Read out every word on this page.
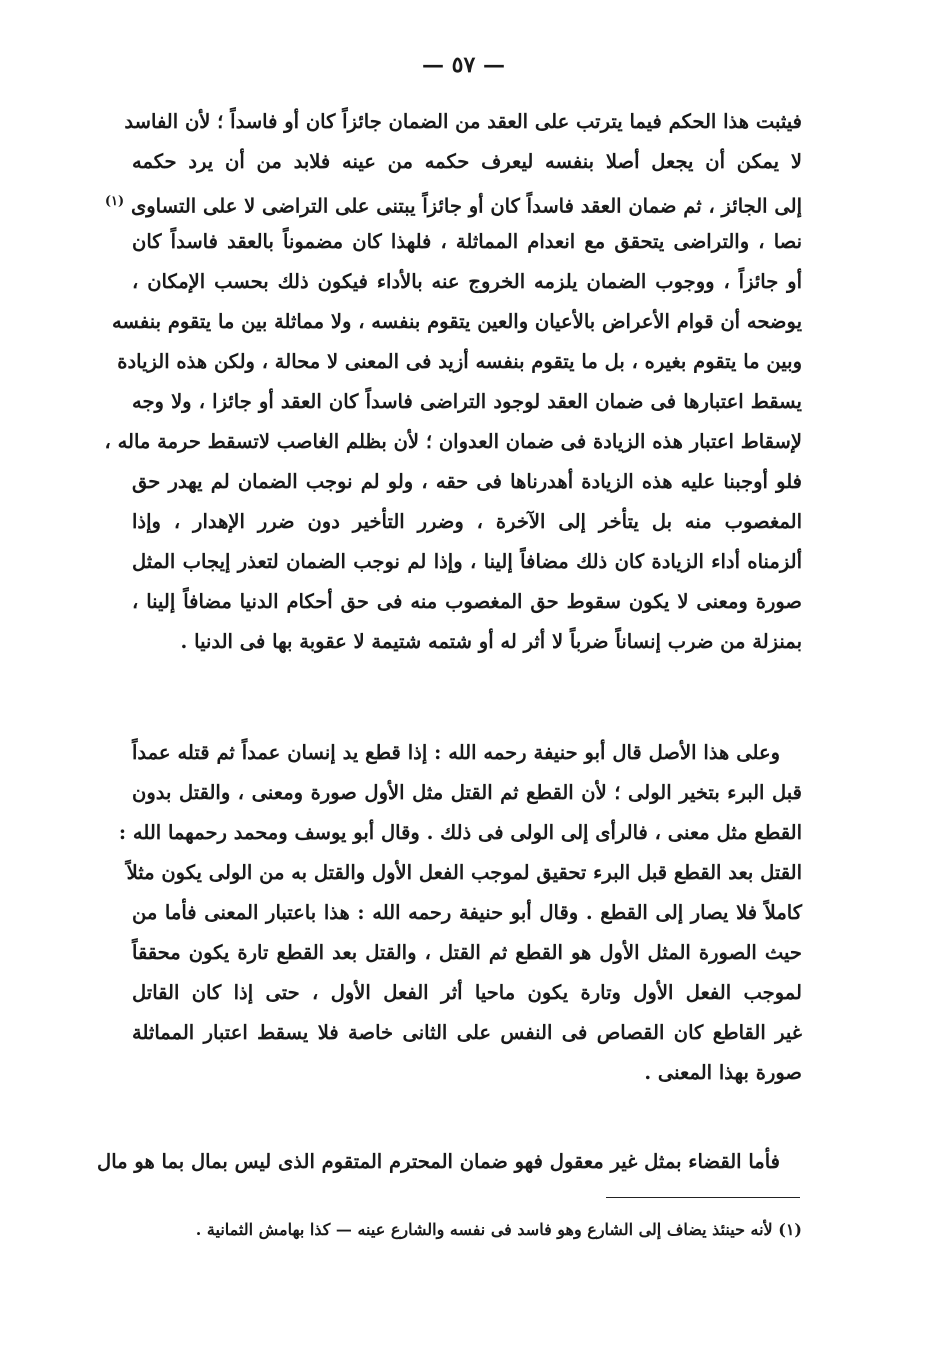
— ٥٧ —
فيثبت هذا الحكم فيما يترتب على العقد من الضمان جائزاً كان أو فاسداً ؛ لأن الفاسد
لا يمكن أن يجعل أصلا بنفسه ليعرف حكمه من عينه فلابد من أن يرد حكمه
إلى الجائز ، ثم ضمان العقد فاسداً كان أو جائزاً يبتنى على التراضى لا على التساوى $^{(١)}$
نصا ، والتراضى يتحقق مع انعدام المماثلة ، فلهذا كان مضموناً بالعقد فاسداً كان
أو جائزاً ، ووجوب الضمان يلزمه الخروج عنه بالأداء فيكون ذلك بحسب الإمكان ،
يوضحه أن قوام الأعراض بالأعيان والعين يتقوم بنفسه ، ولا مماثلة بين ما يتقوم بنفسه
وبين ما يتقوم بغيره ، بل ما يتقوم بنفسه أزيد فى المعنى لا محالة ، ولكن هذه الزيادة
يسقط اعتبارها فى ضمان العقد لوجود التراضى فاسداً كان العقد أو جائزا ، ولا وجه
لإسقاط اعتبار هذه الزيادة فى ضمان العدوان ؛ لأن بظلم الغاصب لاتسقط حرمة ماله ،
فلو أوجبنا عليه هذه الزيادة أهدرناها فى حقه ، ولو لم نوجب الضمان لم يهدر حق
المغصوب منه بل يتأخر إلى الآخرة ، وضرر التأخير دون ضرر الإهدار ، وإذا
ألزمناه أداء الزيادة كان ذلك مضافاً إلينا ، وإذا لم نوجب الضمان لتعذر إيجاب المثل
صورة ومعنى لا يكون سقوط حق المغصوب منه فى حق أحكام الدنيا مضافاً إلينا ،
بمنزلة من ضرب إنساناً ضرباً لا أثر له أو شتمه شتيمة لا عقوبة بها فى الدنيا .
وعلى هذا الأصل قال أبو حنيفة رحمه الله : إذا قطع يد إنسان عمداً ثم قتله عمداً
قبل البرء بتخير الولى ؛ لأن القطع ثم القتل مثل الأول صورة ومعنى ، والقتل بدون
القطع مثل معنى ، فالرأى إلى الولى فى ذلك . وقال أبو يوسف ومحمد رحمهما الله :
القتل بعد القطع قبل البرء تحقيق لموجب الفعل الأول والقتل به من الولى يكون مثلاً
كاملاً فلا يصار إلى القطع . وقال أبو حنيفة رحمه الله : هذا باعتبار المعنى فأما من
حيث الصورة المثل الأول هو القطع ثم القتل ، والقتل بعد القطع تارة يكون محققاً
لموجب الفعل الأول وتارة يكون ماحيا أثر الفعل الأول ، حتى إذا كان القاتل
غير القاطع كان القصاص فى النفس على الثانى خاصة فلا يسقط اعتبار المماثلة
صورة بهذا المعنى .
فأما القضاء بمثل غير معقول فهو ضمان المحترم المتقوم الذى ليس بمال بما هو مال
(١) لأنه حينئذ يضاف إلى الشارع وهو فاسد فى نفسه والشارع عينه — كذا بهامش الثمانية .
